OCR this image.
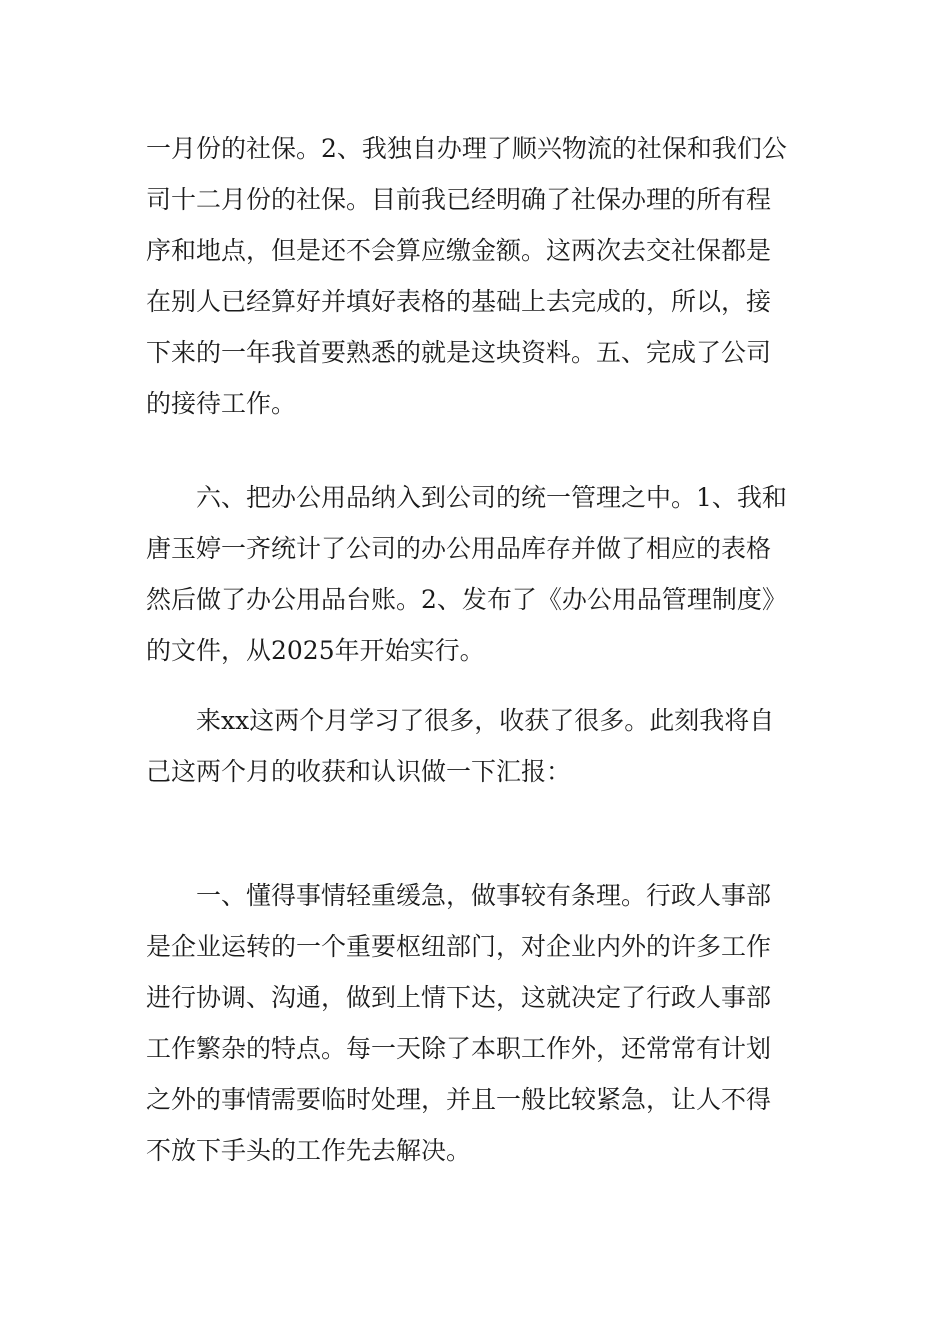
一月份的社保。2、我独自办理了顺兴物流的社保和我们公
司十二月份的社保。目前我已经明确了社保办理的所有程
序和地点，但是还不会算应缴金额。这两次去交社保都是
在别人已经算好并填好表格的基础上去完成的，所以，接
下来的一年我首要熟悉的就是这块资料。五、完成了公司
的接待工作。
六、把办公用品纳入到公司的统一管理之中。1、我和
唐玉婷一齐统计了公司的办公用品库存并做了相应的表格
然后做了办公用品台账。2、发布了《办公用品管理制度》
的文件，从2025年开始实行。
来xx这两个月学习了很多，收获了很多。此刻我将自
己这两个月的收获和认识做一下汇报：
一、懂得事情轻重缓急，做事较有条理。行政人事部
是企业运转的一个重要枢纽部门，对企业内外的许多工作
进行协调、沟通，做到上情下达，这就决定了行政人事部
工作繁杂的特点。每一天除了本职工作外，还常常有计划
之外的事情需要临时处理，并且一般比较紧急，让人不得
不放下手头的工作先去解决。
